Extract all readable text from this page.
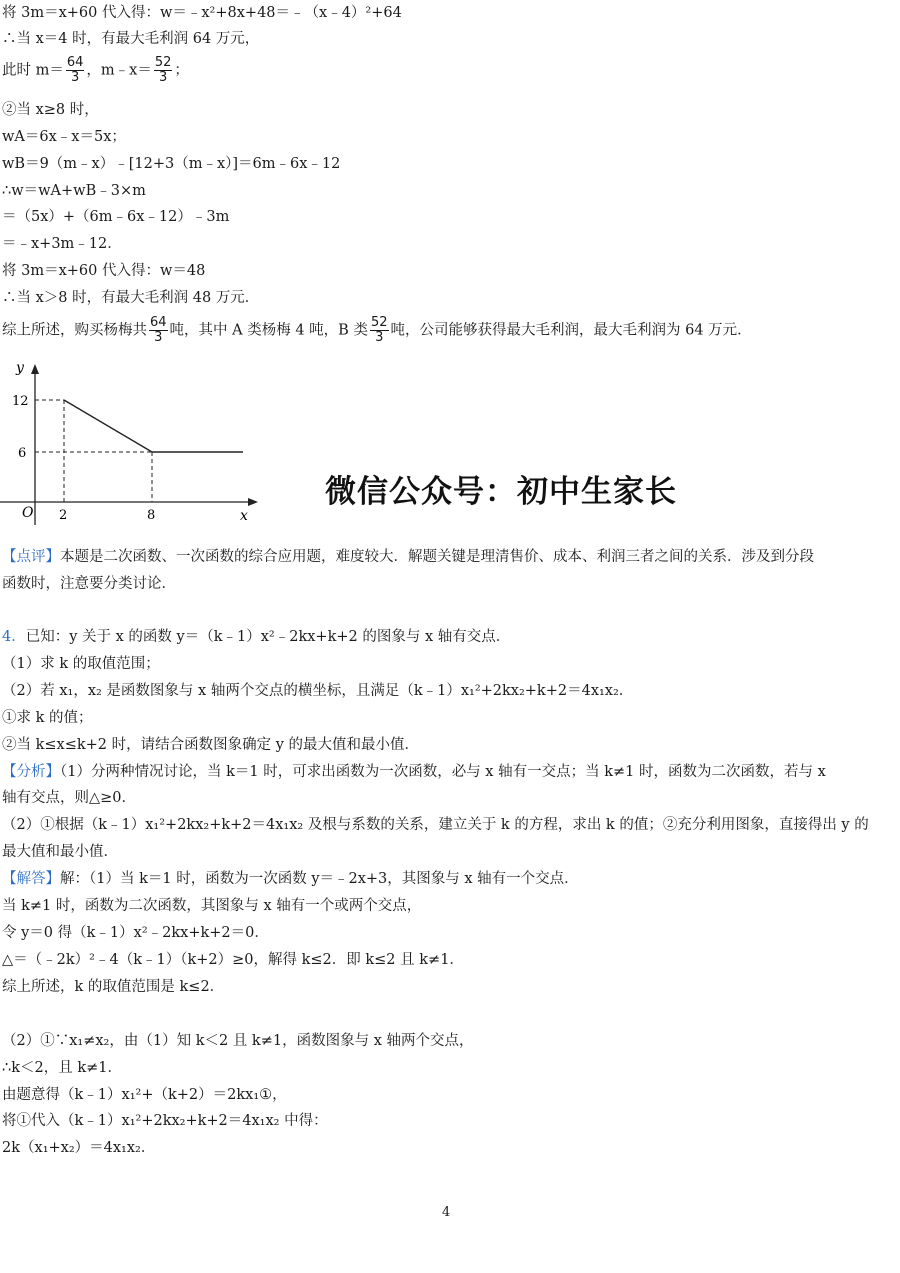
将 3m＝x+60 代入得：w＝﹣x²+8x+48＝﹣（x﹣4）²+64
∴当 x＝4 时，有最大毛利润 64 万元，
此时 $m= \frac{64}{3}$ ，m﹣x＝ $\frac{52}{3}$ ；
②当 x≥8 时，
wA＝6x﹣x＝5x；
wB＝9（m﹣x）﹣[12+3（m﹣x）]＝6m﹣6x﹣12
∴w＝wA+wB﹣3×m
＝（5x）+（6m﹣6x﹣12）﹣3m
＝﹣x+3m﹣12．
将 3m＝x+60 代入得：w＝48
∴当 x＞8 时，有最大毛利润 48 万元．
综上所述，购买杨梅共 $\frac{64}{3}$ 吨，其中 A 类杨梅 4 吨，B 类 $\frac{52}{3}$ 吨，公司能够获得最大毛利润，最大毛利润为 64 万元．
y
x
O 2	8
12
6
微信公众号：初中生家长
【点评】本题是二次函数、一次函数的综合应用题，难度较大．解题关键是理清售价、成本、利润三者之间的关系．涉及到分段
函数时，注意要分类讨论．
4．已知：y 关于 x 的函数 y＝（k﹣1）x²﹣2kx+k+2 的图象与 x 轴有交点．
（1）求 k 的取值范围；
（2）若 x₁，x₂ 是函数图象与 x 轴两个交点的横坐标，且满足（k﹣1）x₁²+2kx₂+k+2＝4x₁x₂．
①求 k 的值；
②当 k≤x≤k+2 时，请结合函数图象确定 y 的最大值和最小值．
【分析】（1）分两种情况讨论，当 k＝1 时，可求出函数为一次函数，必与 x 轴有一交点；当 k≠1 时，函数为二次函数，若与 x
轴有交点，则△≥0．
（2）①根据（k﹣1）x₁²+2kx₂+k+2＝4x₁x₂ 及根与系数的关系，建立关于 k 的方程，求出 k 的值；②充分利用图象，直接得出 y 的
最大值和最小值．
【解答】解：（1）当 k＝1 时，函数为一次函数 y＝﹣2x+3，其图象与 x 轴有一个交点．
当 k≠1 时，函数为二次函数，其图象与 x 轴有一个或两个交点，
令 y＝0 得（k﹣1）x²﹣2kx+k+2＝0．
△＝（﹣2k）²﹣4（k﹣1）（k+2）≥0，解得 k≤2．即 k≤2 且 k≠1．
综上所述，k 的取值范围是 k≤2．
（2）①∵x₁≠x₂，由（1）知 k＜2 且 k≠1，函数图象与 x 轴两个交点，
∴k＜2，且 k≠1．
由题意得（k﹣1）x₁²+（k+2）＝2kx₁①，
将①代入（k﹣1）x₁²+2kx₂+k+2＝4x₁x₂ 中得：
2k（x₁+x₂）＝4x₁x₂．
4
